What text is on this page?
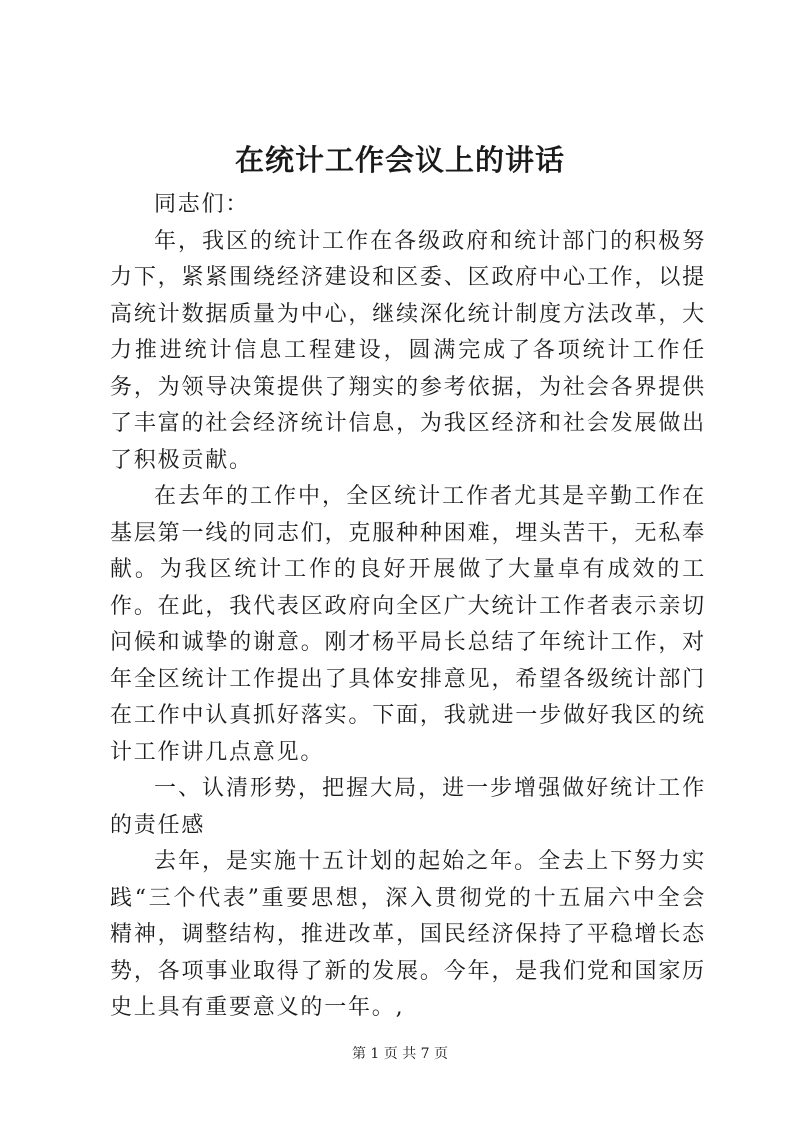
在统计工作会议上的讲话

同志们：

年，我区的统计工作在各级政府和统计部门的积极努力下，紧紧围绕经济建设和区委、区政府中心工作，以提高统计数据质量为中心，继续深化统计制度方法改革，大力推进统计信息工程建设，圆满完成了各项统计工作任务，为领导决策提供了翔实的参考依据，为社会各界提供了丰富的社会经济统计信息，为我区经济和社会发展做出了积极贡献。

在去年的工作中，全区统计工作者尤其是辛勤工作在基层第一线的同志们，克服种种困难，埋头苦干，无私奉献。为我区统计工作的良好开展做了大量卓有成效的工作。在此，我代表区政府向全区广大统计工作者表示亲切问候和诚挚的谢意。刚才杨平局长总结了年统计工作，对年全区统计工作提出了具体安排意见，希望各级统计部门在工作中认真抓好落实。下面，我就进一步做好我区的统计工作讲几点意见。

一、认清形势，把握大局，进一步增强做好统计工作的责任感

去年，是实施十五计划的起始之年。全去上下努力实践“三个代表”重要思想，深入贯彻党的十五届六中全会精神，调整结构，推进改革，国民经济保持了平稳增长态势，各项事业取得了新的发展。今年，是我们党和国家历史上具有重要意义的一年。,

第 1 页 共 7 页
